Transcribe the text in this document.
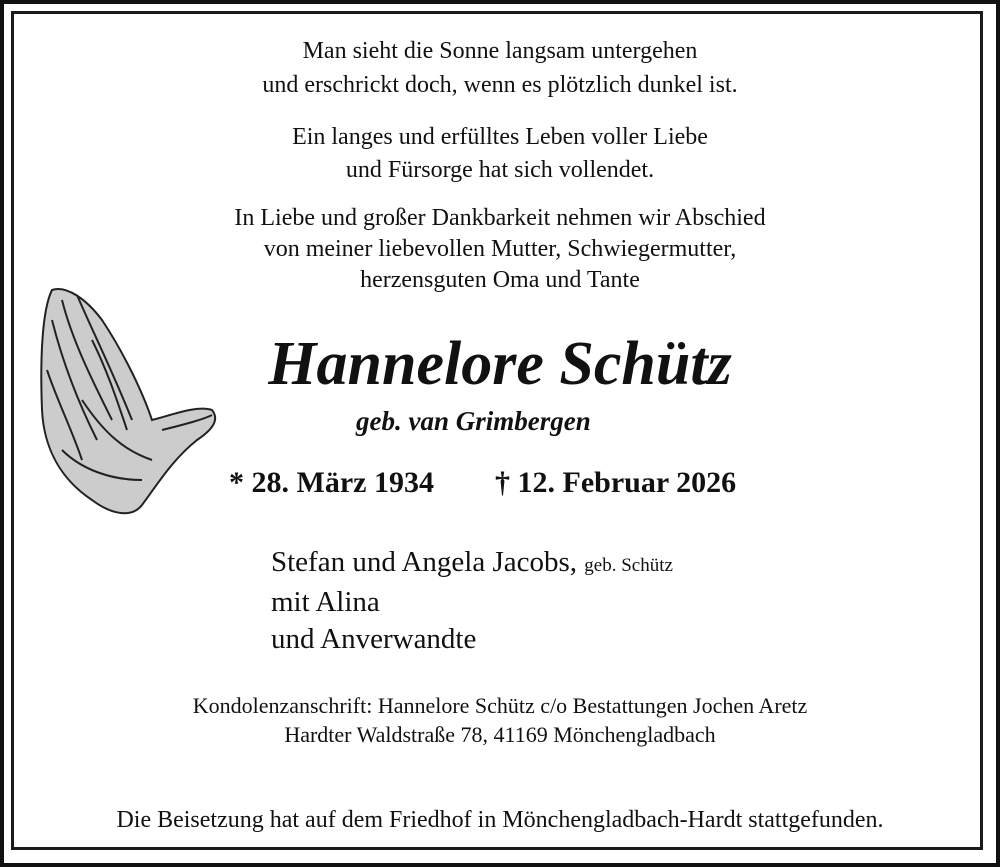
Man sieht die Sonne langsam untergehen
und erschrickt doch, wenn es plötzlich dunkel ist.
Ein langes und erfülltes Leben voller Liebe
und Fürsorge hat sich vollendet.
In Liebe und großer Dankbarkeit nehmen wir Abschied
von meiner liebevollen Mutter, Schwiegermutter,
herzensguten Oma und Tante
Hannelore Schütz
geb. van Grimbergen
* 28. März 1934 † 12. Februar 2026
Stefan und Angela Jacobs, geb. Schütz
mit Alina
und Anverwandte
Kondolenzanschrift: Hannelore Schütz c/o Bestattungen Jochen Aretz
Hardter Waldstraße 78, 41169 Mönchengladbach
Die Beisetzung hat auf dem Friedhof in Mönchengladbach-Hardt stattgefunden.
